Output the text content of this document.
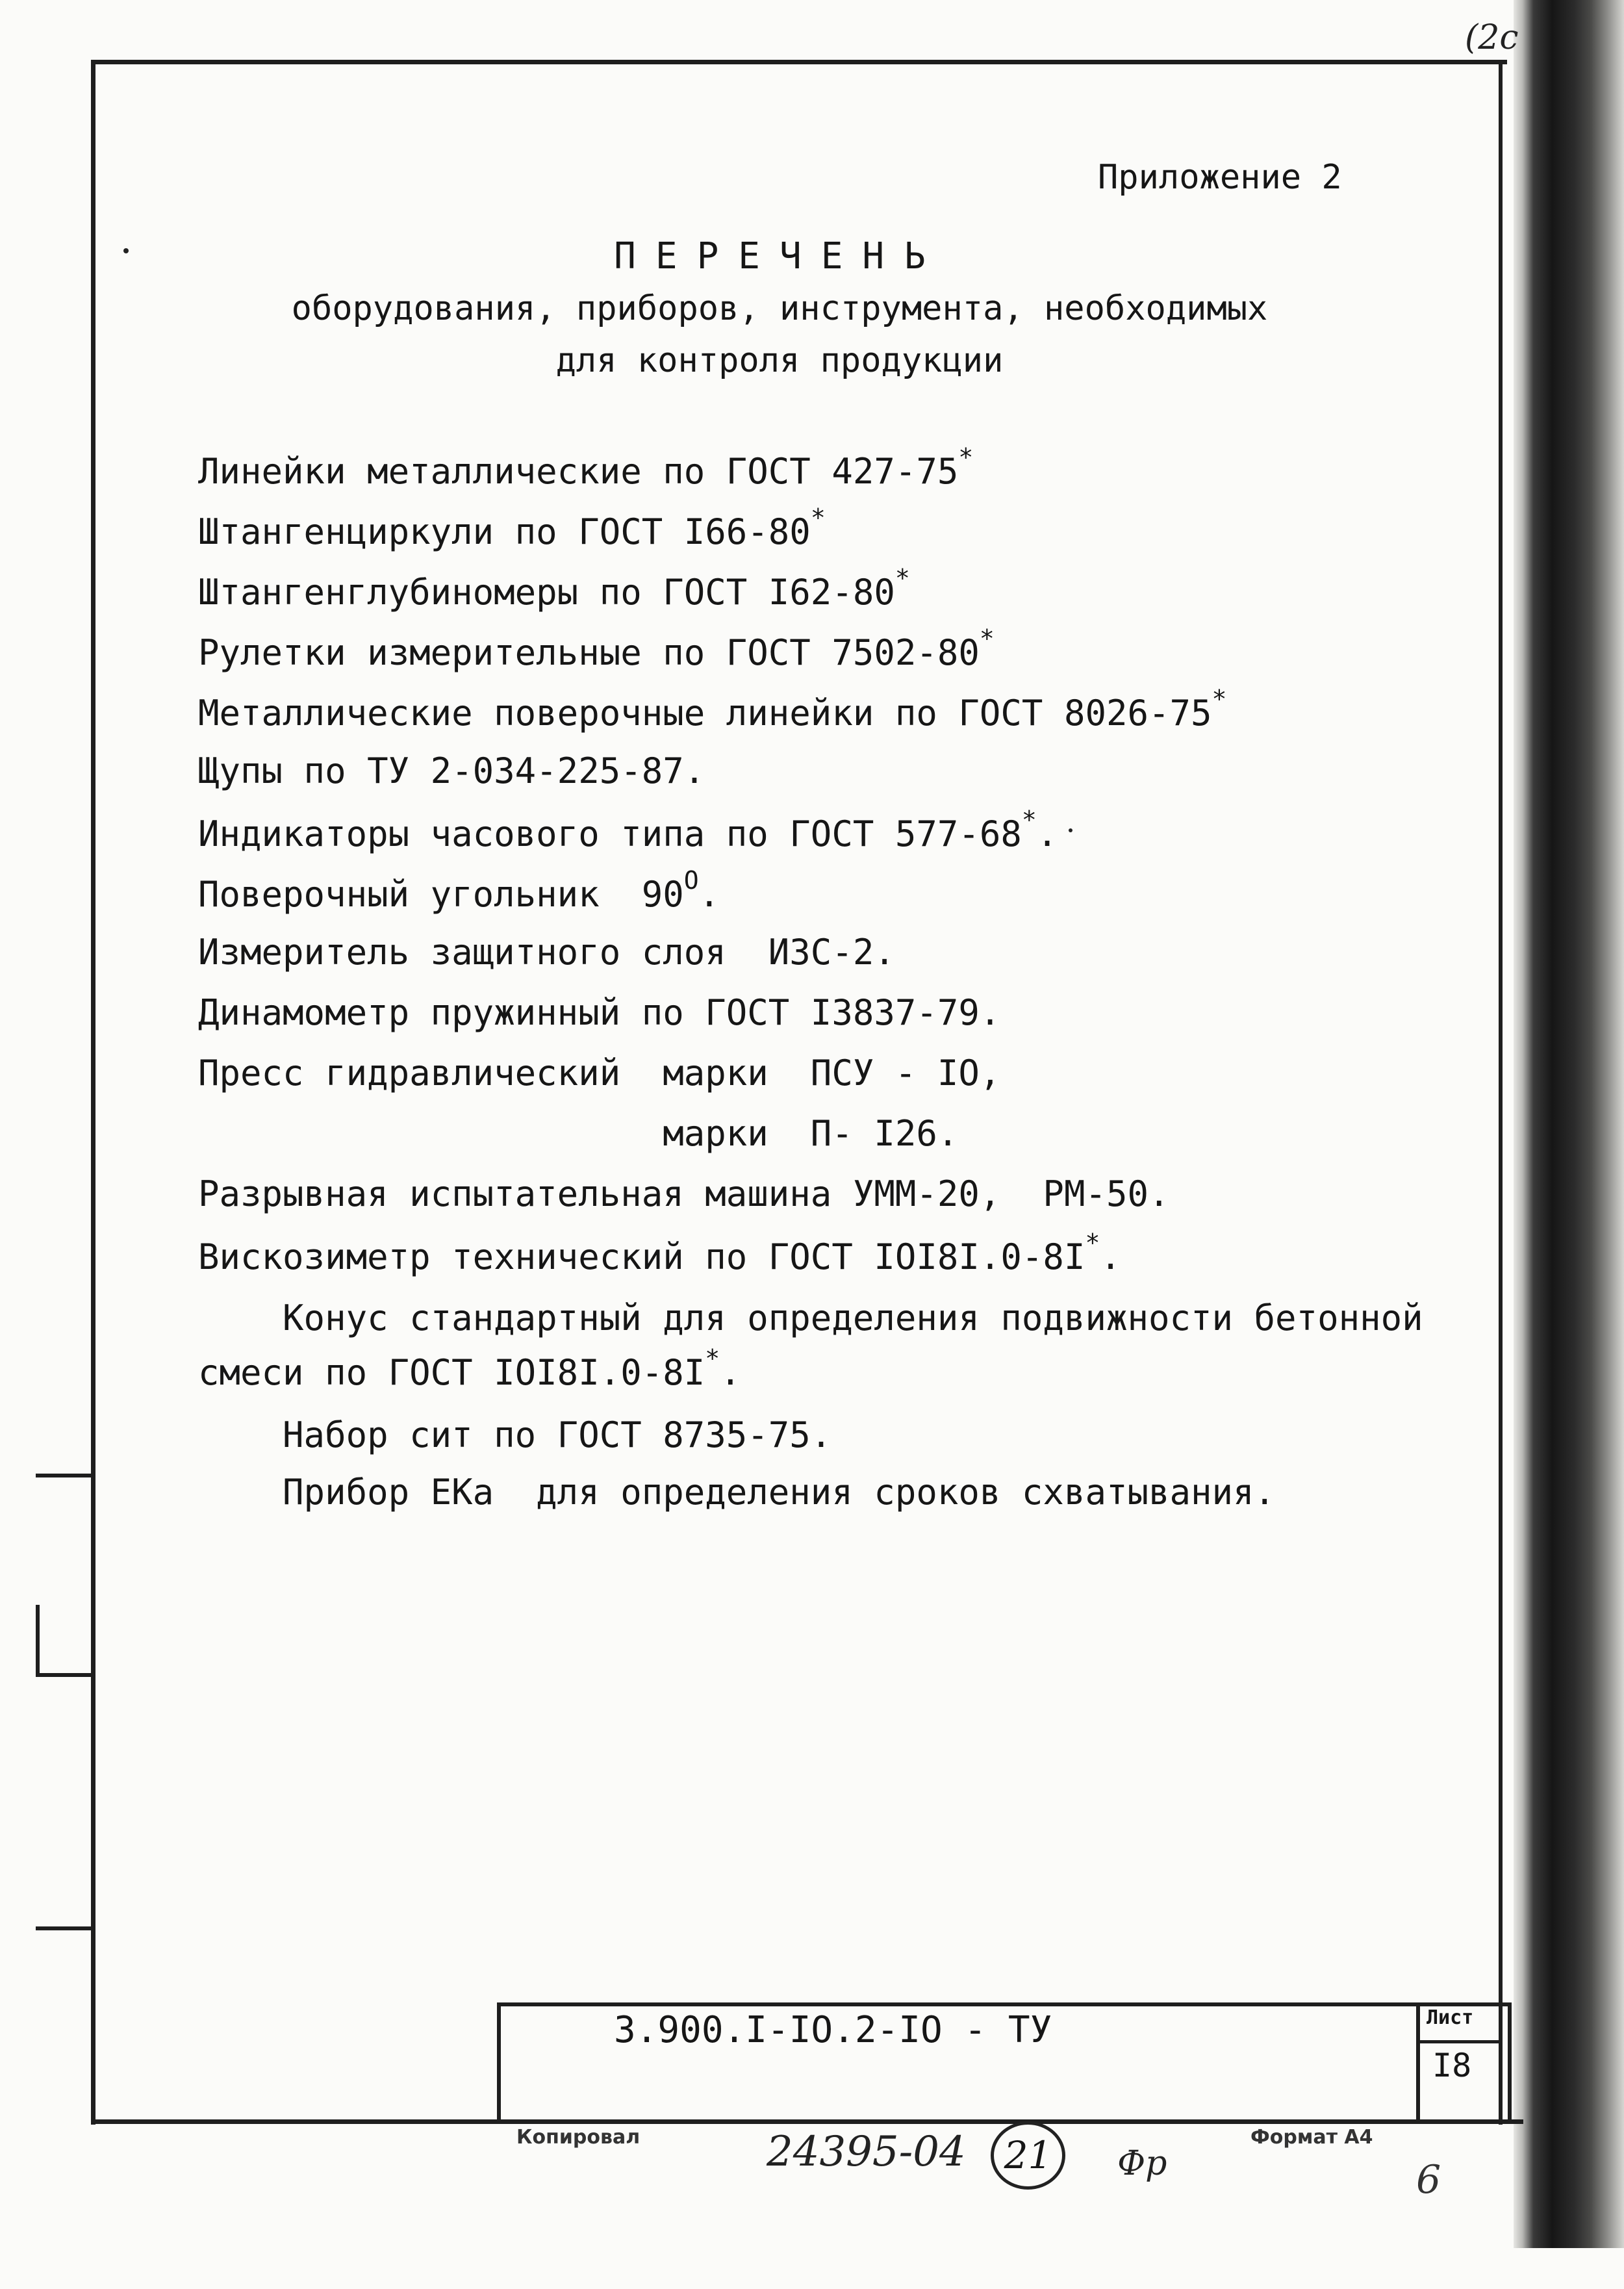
(2с
Приложение 2
ПЕРЕЧЕНЬ
оборудования, приборов, инструмента, необходимых
для контроля продукции
Линейки металлические по ГОСТ 427-75*
Штангенциркули по ГОСТ I66-80*
Штангенглубиномеры по ГОСТ I62-80*
Рулетки измерительные по ГОСТ 7502-80*
Металлические поверочные линейки по ГОСТ 8026-75*
Щупы по ТУ 2-034-225-87.
Индикаторы часового типа по ГОСТ 577-68*.
Поверочный угольник  $90^O$.
Измеритель защитного слоя  ИЗС-2.
Динамометр пружинный по ГОСТ I3837-79.
Пресс гидравлический  марки  ПСУ - IО,
марки  П- I26.
Разрывная испытательная машина УММ-20,  РМ-50.
Вискозиметр технический по ГОСТ IOI8I.0-8I*.
Конус стандартный для определения подвижности бетонной
смеси по ГОСТ IOI8I.0-8I*.
Набор сит по ГОСТ 8735-75.
Прибор ЕКа  для определения сроков схватывания.
3.900.I-IO.2-IO - ТУ	Лист
I8
Копировал	24395-04	21	Фр
Формат А4
6
